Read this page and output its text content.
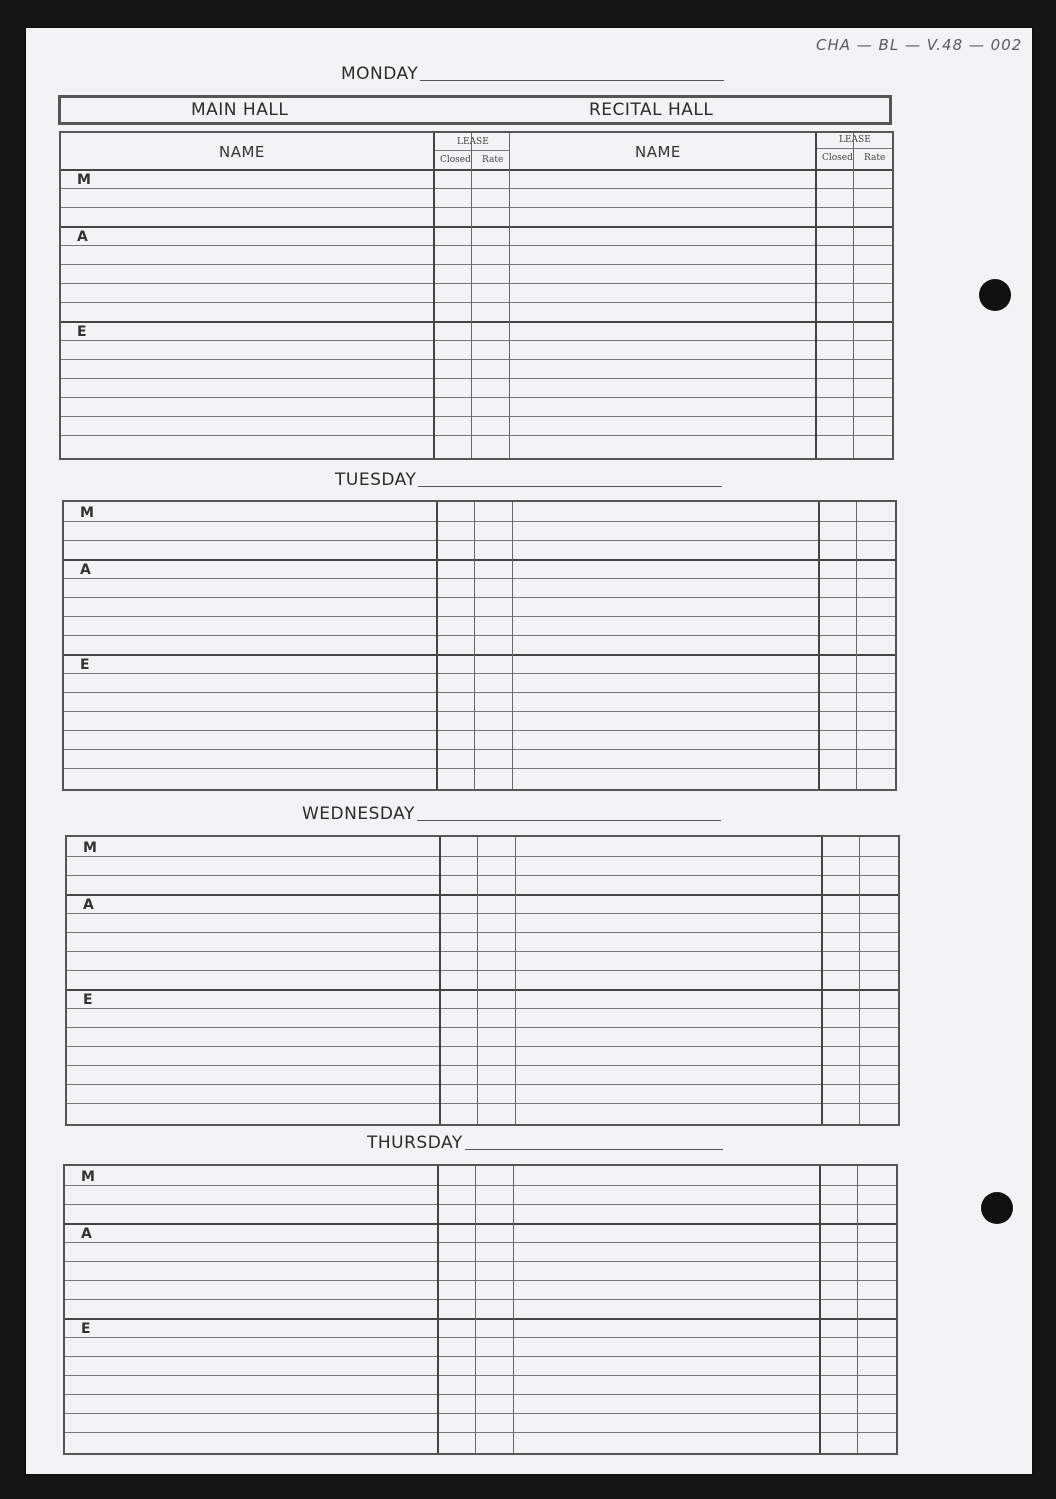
CHA — BL — V.48 — 002
MONDAY
MAIN HALL	RECITAL HALL
NAME	NAME
LEASE	LEASE
Closed Rate	Closed Rate
M
A
E
TUESDAY
M
A
E
WEDNESDAY
M
A
E
THURSDAY
M
A
E
